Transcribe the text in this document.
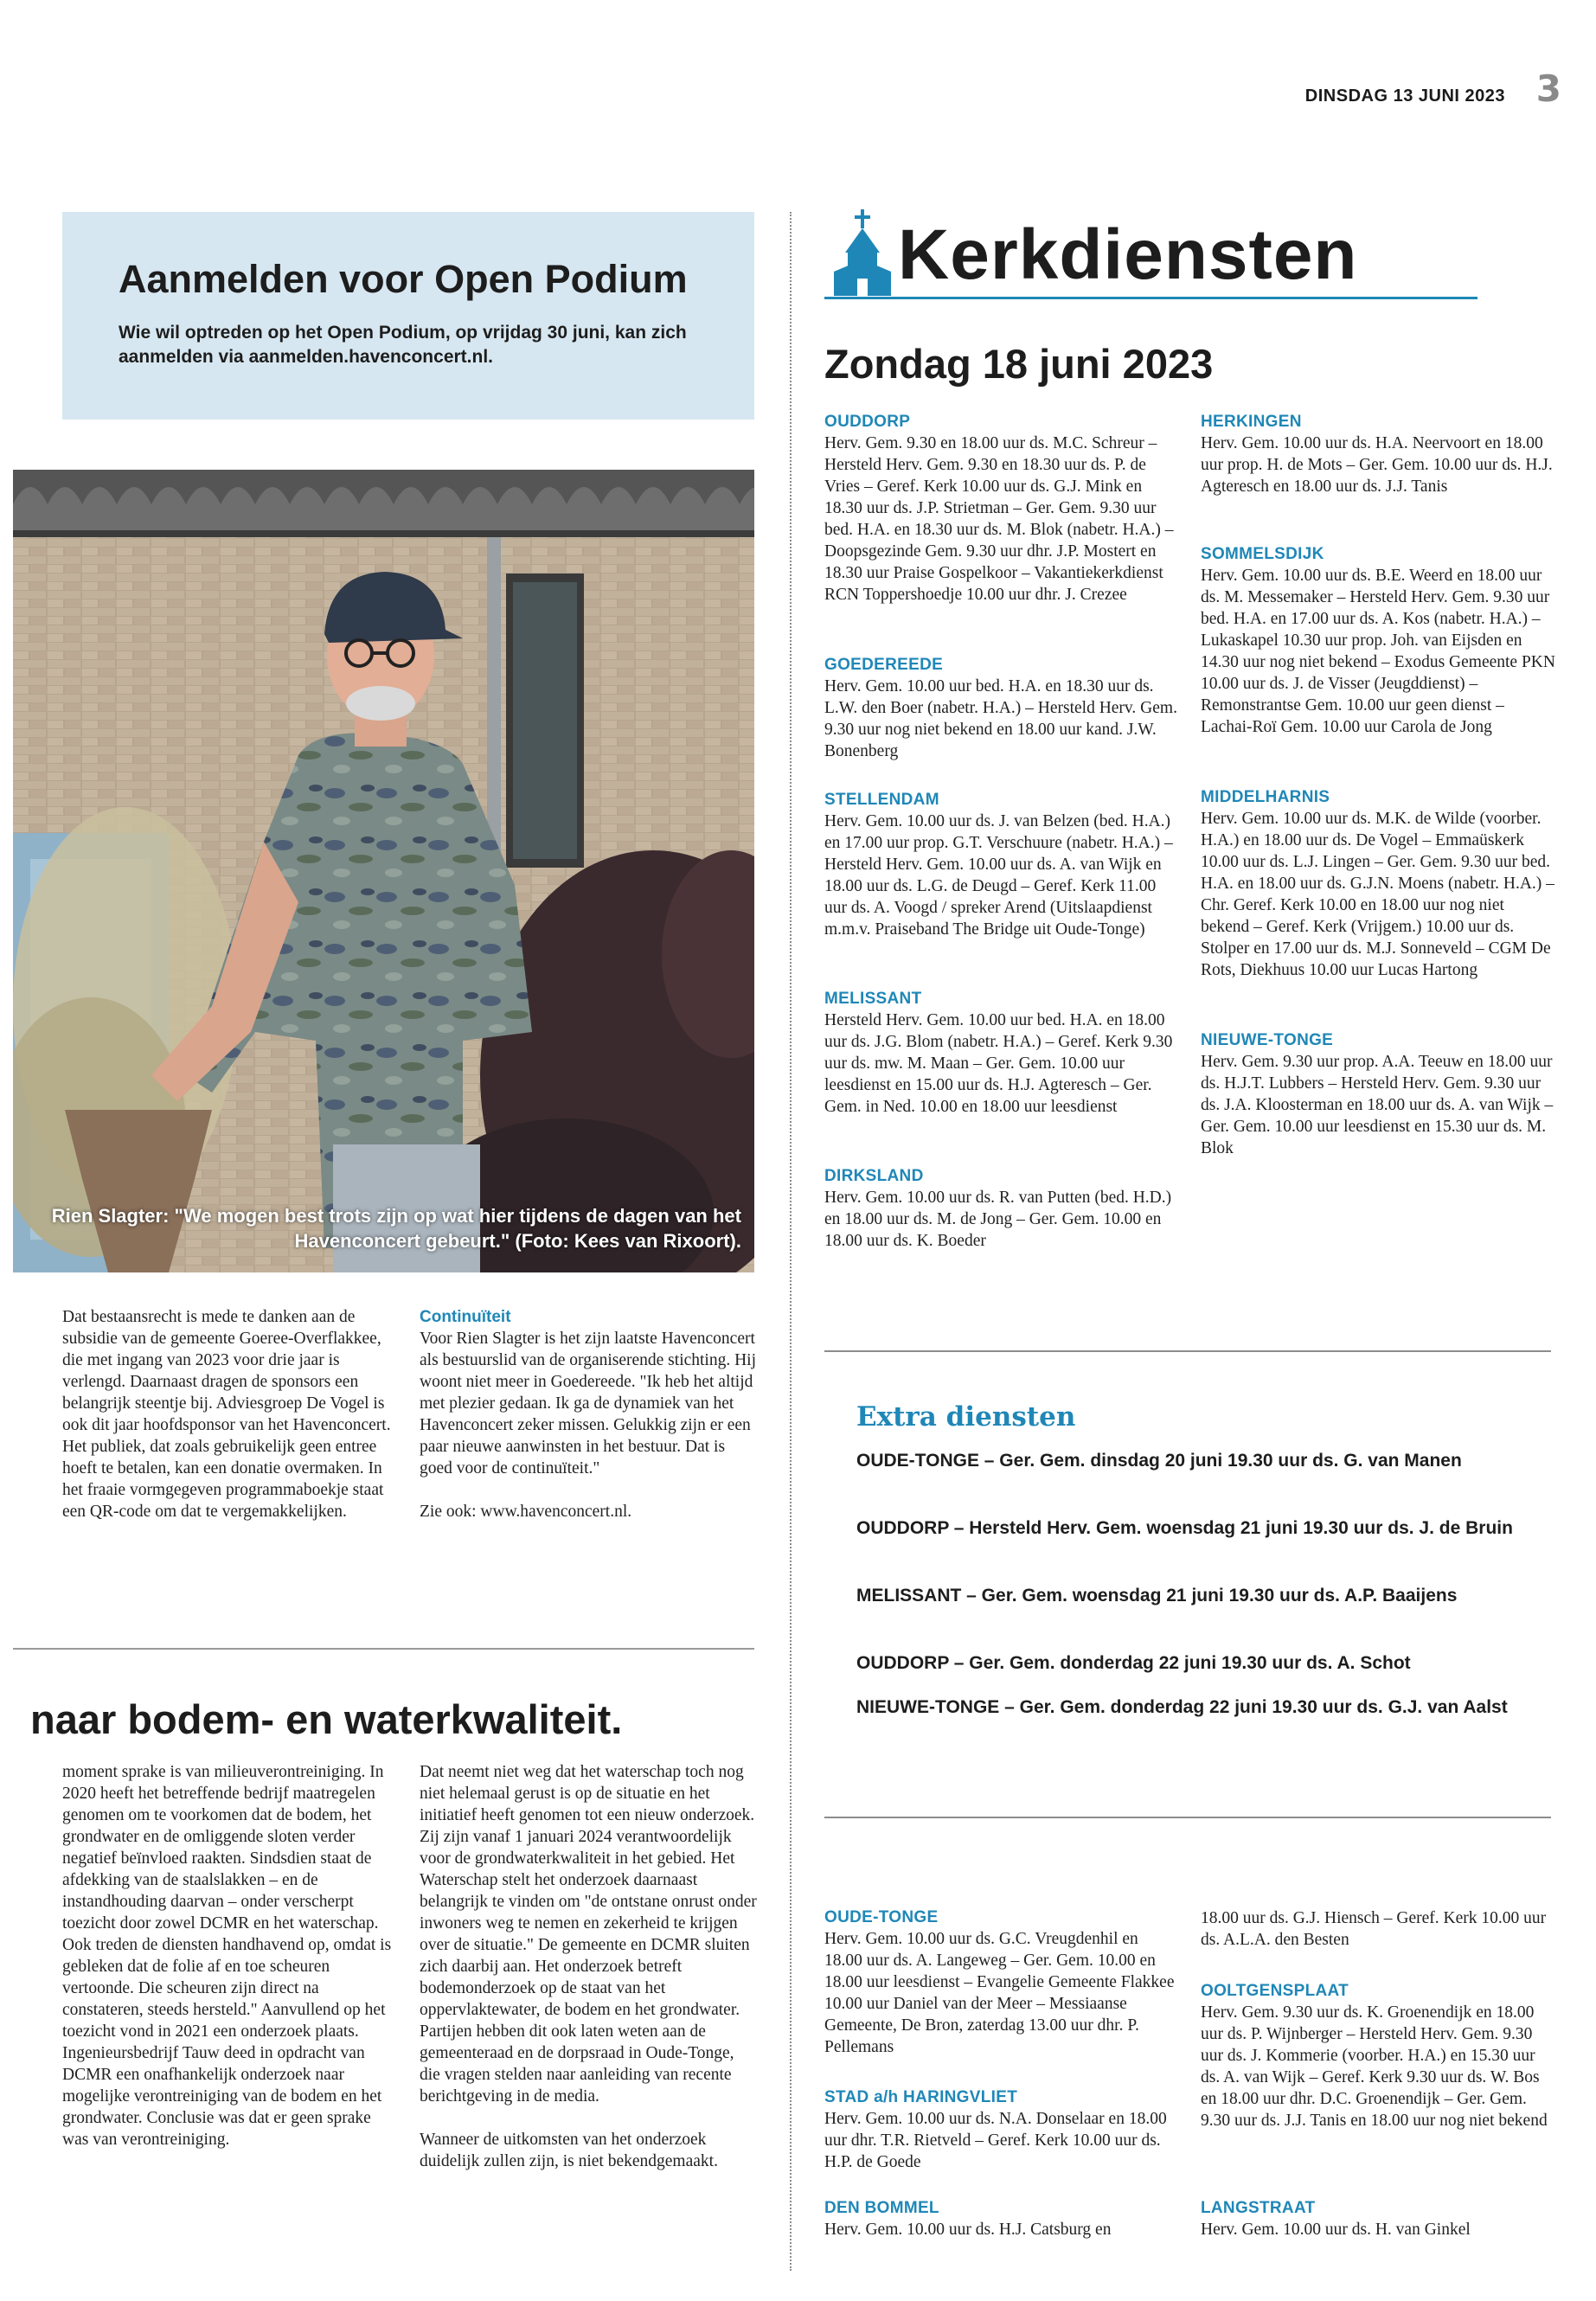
DINSDAG 13 JUNI 2023 3
Aanmelden voor Open Podium
Wie wil optreden op het Open Podium, op vrijdag 30 juni, kan zich aanmelden via aanmelden.havenconcert.nl.
Rien Slagter: "We mogen best trots zijn op wat hier tijdens de dagen van het Havenconcert gebeurt." (Foto: Kees van Rixoort).
Dat bestaansrecht is mede te danken aan de subsidie van de gemeente Goeree-Overflakkee, die met ingang van 2023 voor drie jaar is verlengd. Daarnaast dragen de sponsors een belangrijk steentje bij. Adviesgroep De Vogel is ook dit jaar hoofdsponsor van het Havenconcert. Het publiek, dat zoals gebruikelijk geen entree hoeft te betalen, kan een donatie overmaken. In het fraaie vormgegeven programmaboekje staat een QR-code om dat te vergemakkelijken.
Continuïteit
Voor Rien Slagter is het zijn laatste Havenconcert als bestuurslid van de organiserende stichting. Hij woont niet meer in Goedereede. "Ik heb het altijd met plezier gedaan. Ik ga de dynamiek van het Havenconcert zeker missen. Gelukkig zijn er een paar nieuwe aanwinsten in het bestuur. Dat is goed voor de continuïteit."
Zie ook: www.havenconcert.nl.
naar bodem- en waterkwaliteit.
moment sprake is van milieuverontreiniging. In 2020 heeft het betreffende bedrijf maatregelen genomen om te voorkomen dat de bodem, het grondwater en de omliggende sloten verder negatief beïnvloed raakten. Sindsdien staat de afdekking van de staalslakken – en de instandhouding daarvan – onder verscherpt toezicht door zowel DCMR en het waterschap. Ook treden de diensten handhavend op, omdat is gebleken dat de folie af en toe scheuren vertoonde. Die scheuren zijn direct na constateren, steeds hersteld." Aanvullend op het toezicht vond in 2021 een onderzoek plaats. Ingenieursbedrijf Tauw deed in opdracht van DCMR een onafhankelijk onderzoek naar mogelijke verontreiniging van de bodem en het grondwater. Conclusie was dat er geen sprake was van verontreiniging.
Dat neemt niet weg dat het waterschap toch nog niet helemaal gerust is op de situatie en het initiatief heeft genomen tot een nieuw onderzoek. Zij zijn vanaf 1 januari 2024 verantwoordelijk voor de grondwaterkwaliteit in het gebied. Het Waterschap stelt het onderzoek daarnaast belangrijk te vinden om "de ontstane onrust onder inwoners weg te nemen en zekerheid te krijgen over de situatie." De gemeente en DCMR sluiten zich daarbij aan. Het onderzoek betreft bodemonderzoek op de staat van het oppervlaktewater, de bodem en het grondwater. Partijen hebben dit ook laten weten aan de gemeenteraad en de dorpsraad in Oude-Tonge, die vragen stelden naar aanleiding van recente berichtgeving in de media.
Wanneer de uitkomsten van het onderzoek duidelijk zullen zijn, is niet bekendgemaakt.
Kerkdiensten
Zondag 18 juni 2023
OUDDORP
Herv. Gem. 9.30 en 18.00 uur ds. M.C. Schreur – Hersteld Herv. Gem. 9.30 en 18.30 uur ds. P. de Vries – Geref. Kerk 10.00 uur ds. G.J. Mink en 18.30 uur ds. J.P. Strietman – Ger. Gem. 9.30 uur bed. H.A. en 18.30 uur ds. M. Blok (nabetr. H.A.) – Doopsgezinde Gem. 9.30 uur dhr. J.P. Mostert en 18.30 uur Praise Gospelkoor – Vakantiekerkdienst RCN Toppershoedje 10.00 uur dhr. J. Crezee
GOEDEREEDE
Herv. Gem. 10.00 uur bed. H.A. en 18.30 uur ds. L.W. den Boer (nabetr. H.A.) – Hersteld Herv. Gem. 9.30 uur nog niet bekend en 18.00 uur kand. J.W. Bonenberg
STELLENDAM
Herv. Gem. 10.00 uur ds. J. van Belzen (bed. H.A.) en 17.00 uur prop. G.T. Verschuure (nabetr. H.A.) – Hersteld Herv. Gem. 10.00 uur ds. A. van Wijk en 18.00 uur ds. L.G. de Deugd – Geref. Kerk 11.00 uur ds. A. Voogd / spreker Arend (Uitslaapdienst m.m.v. Praiseband The Bridge uit Oude-Tonge)
MELISSANT
Hersteld Herv. Gem. 10.00 uur bed. H.A. en 18.00 uur ds. J.G. Blom (nabetr. H.A.) – Geref. Kerk 9.30 uur ds. mw. M. Maan – Ger. Gem. 10.00 uur leesdienst en 15.00 uur ds. H.J. Agteresch – Ger. Gem. in Ned. 10.00 en 18.00 uur leesdienst
DIRKSLAND
Herv. Gem. 10.00 uur ds. R. van Putten (bed. H.D.) en 18.00 uur ds. M. de Jong – Ger. Gem. 10.00 en 18.00 uur ds. K. Boeder
HERKINGEN
Herv. Gem. 10.00 uur ds. H.A. Neervoort en 18.00 uur prop. H. de Mots – Ger. Gem. 10.00 uur ds. H.J. Agteresch en 18.00 uur ds. J.J. Tanis
SOMMELSDIJK
Herv. Gem. 10.00 uur ds. B.E. Weerd en 18.00 uur ds. M. Messemaker – Hersteld Herv. Gem. 9.30 uur bed. H.A. en 17.00 uur ds. A. Kos (nabetr. H.A.) – Lukaskapel 10.30 uur prop. Joh. van Eijsden en 14.30 uur nog niet bekend – Exodus Gemeente PKN 10.00 uur ds. J. de Visser (Jeugddienst) – Remonstrantse Gem. 10.00 uur geen dienst – Lachai-Roï Gem. 10.00 uur Carola de Jong
MIDDELHARNIS
Herv. Gem. 10.00 uur ds. M.K. de Wilde (voorber. H.A.) en 18.00 uur ds. De Vogel – Emmaüskerk 10.00 uur ds. L.J. Lingen – Ger. Gem. 9.30 uur bed. H.A. en 18.00 uur ds. G.J.N. Moens (nabetr. H.A.) – Chr. Geref. Kerk 10.00 en 18.00 uur nog niet bekend – Geref. Kerk (Vrijgem.) 10.00 uur ds. Stolper en 17.00 uur ds. M.J. Sonneveld – CGM De Rots, Diekhuus 10.00 uur Lucas Hartong
NIEUWE-TONGE
Herv. Gem. 9.30 uur prop. A.A. Teeuw en 18.00 uur ds. H.J.T. Lubbers – Hersteld Herv. Gem. 9.30 uur ds. J.A. Kloosterman en 18.00 uur ds. A. van Wijk – Ger. Gem. 10.00 uur leesdienst en 15.30 uur ds. M. Blok
Extra diensten
OUDE-TONGE – Ger. Gem. dinsdag 20 juni 19.30 uur ds. G. van Manen
OUDDORP – Hersteld Herv. Gem. woensdag 21 juni 19.30 uur ds. J. de Bruin
MELISSANT – Ger. Gem. woensdag 21 juni 19.30 uur ds. A.P. Baaijens
OUDDORP – Ger. Gem. donderdag 22 juni 19.30 uur ds. A. Schot
NIEUWE-TONGE – Ger. Gem. donderdag 22 juni 19.30 uur ds. G.J. van Aalst
OUDE-TONGE
Herv. Gem. 10.00 uur ds. G.C. Vreugdenhil en 18.00 uur ds. A. Langeweg – Ger. Gem. 10.00 en 18.00 uur leesdienst – Evangelie Gemeente Flakkee 10.00 uur Daniel van der Meer – Messiaanse Gemeente, De Bron, zaterdag 13.00 uur dhr. P. Pellemans
STAD a/h HARINGVLIET
Herv. Gem. 10.00 uur ds. N.A. Donselaar en 18.00 uur dhr. T.R. Rietveld – Geref. Kerk 10.00 uur ds. H.P. de Goede
DEN BOMMEL
Herv. Gem. 10.00 uur ds. H.J. Catsburg en
18.00 uur ds. G.J. Hiensch – Geref. Kerk 10.00 uur ds. A.L.A. den Besten
OOLTGENSPLAAT
Herv. Gem. 9.30 uur ds. K. Groenendijk en 18.00 uur ds. P. Wijnberger – Hersteld Herv. Gem. 9.30 uur ds. J. Kommerie (voorber. H.A.) en 15.30 uur ds. A. van Wijk – Geref. Kerk 9.30 uur ds. W. Bos en 18.00 uur dhr. D.C. Groenendijk – Ger. Gem. 9.30 uur ds. J.J. Tanis en 18.00 uur nog niet bekend
LANGSTRAAT
Herv. Gem. 10.00 uur ds. H. van Ginkel
